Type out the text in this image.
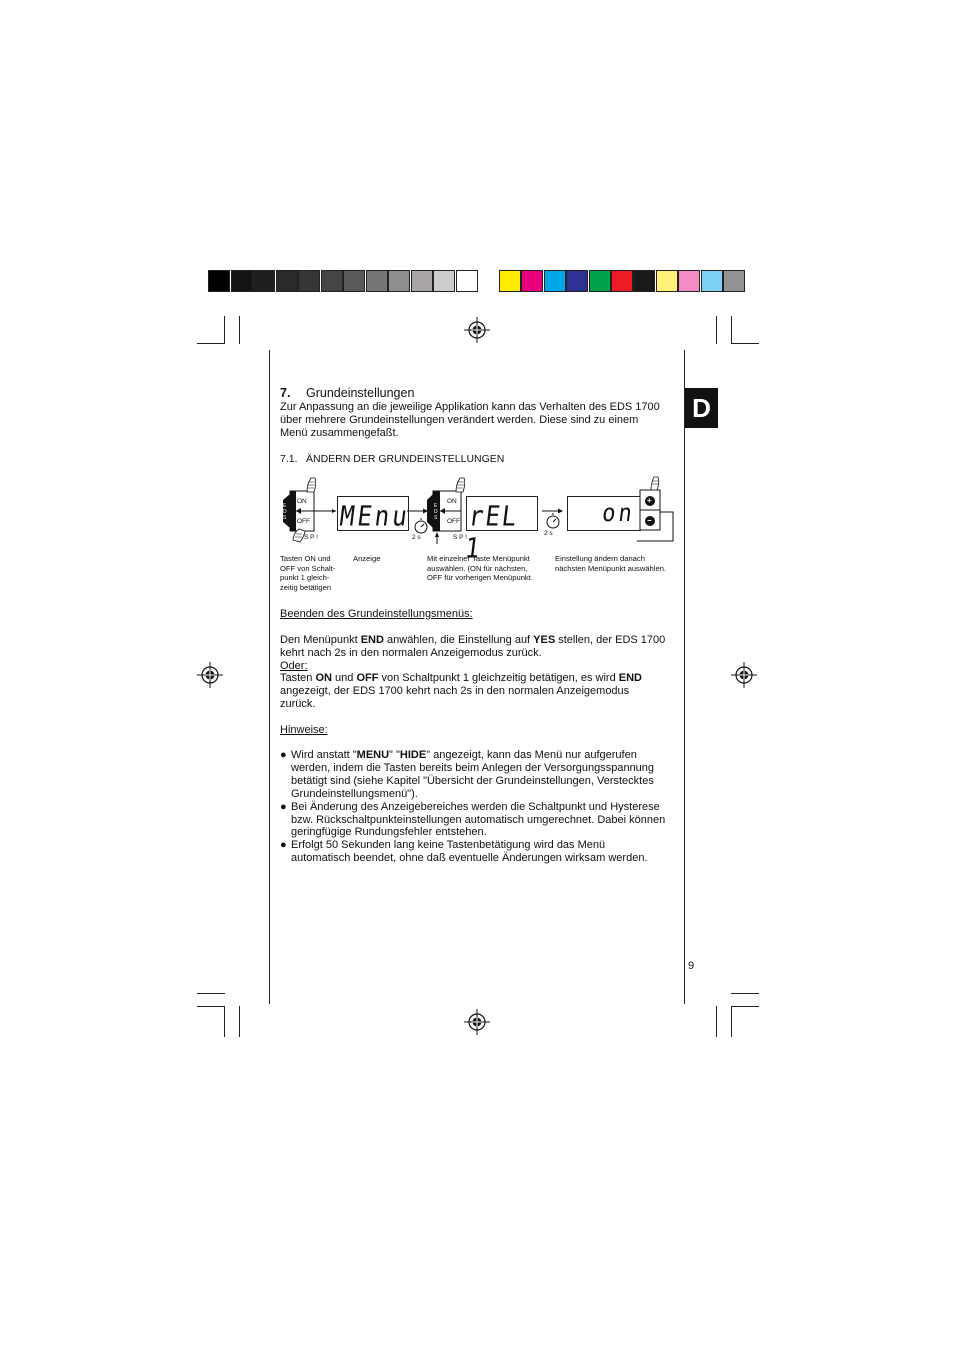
D
7. Grundeinstellungen
Zur Anpassung an die jeweilige Applikation kann das Verhalten des EDS 1700
über mehrere Grundeinstellungen verändert werden. Diese sind zu einem
Menü zusammengefaßt.
7.1. ÄNDERN DER GRUNDEINSTELLUNGEN
ON
OFF
S P !
E D S MEnu
2 s
ON
OFF
S P !
E D S rEL 1	2 s
on +
−
Tasten ON und
OFF von Schalt-
punkt 1 gleich-
zeitig betätigen
Anzeige	Mit einzelner Taste Menüpunkt
auswählen. (ON für nächsten,
OFF für vorherigen Menüpunkt.
Einstellung ändern danach
nächsten Menüpunkt auswählen.
Beenden des Grundeinstellungsmenüs:
Den Menüpunkt END anwählen, die Einstellung auf YES stellen, der EDS 1700
kehrt nach 2s in den normalen Anzeigemodus zurück.
Oder:
Tasten ON und OFF von Schaltpunkt 1 gleichzeitig betätigen, es wird END
angezeigt, der EDS 1700 kehrt nach 2s in den normalen Anzeigemodus
zurück.
Hinweise:
● Wird anstatt "MENU" "HIDE" angezeigt, kann das Menü nur aufgerufen
werden, indem die Tasten bereits beim Anlegen der Versorgungsspannung
betätigt sind (siehe Kapitel "Übersicht der Grundeinstellungen, Verstecktes
Grundeinstellungsmenü").
● Bei Änderung des Anzeigebereiches werden die Schaltpunkt und Hysterese
bzw. Rückschaltpunkteinstellungen automatisch umgerechnet. Dabei können
geringfügige Rundungsfehler entstehen.
● Erfolgt 50 Sekunden lang keine Tastenbetätigung wird das Menü
automatisch beendet, ohne daß eventuelle Änderungen wirksam werden.
9
